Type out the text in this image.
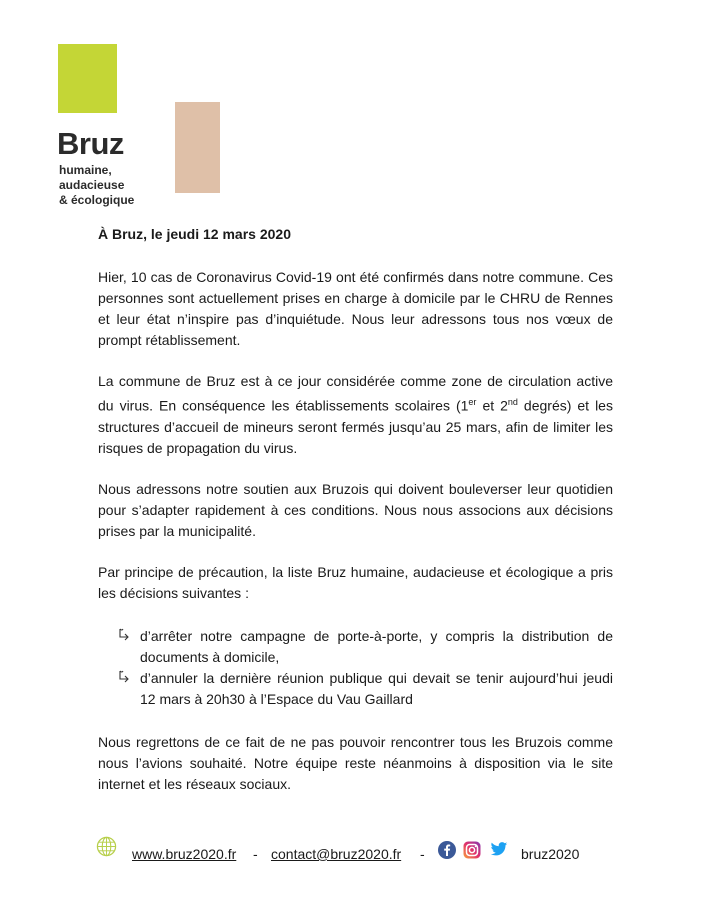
Bruz
humaine, audacieuse
& écologique

À Bruz, le jeudi 12 mars 2020

Hier, 10 cas de Coronavirus Covid-19 ont été confirmés dans notre commune. Ces personnes sont actuellement prises en charge à domicile par le CHRU de Rennes et leur état n’inspire pas d’inquiétude. Nous leur adressons tous nos vœux de prompt rétablissement.

La commune de Bruz est à ce jour considérée comme zone de circulation active du virus. En conséquence les établissements scolaires (1er et 2nd degrés) et les structures d’accueil de mineurs seront fermés jusqu’au 25 mars, afin de limiter les risques de propagation du virus.

Nous adressons notre soutien aux Bruzois qui doivent bouleverser leur quotidien pour s’adapter rapidement à ces conditions. Nous nous associons aux décisions prises par la municipalité.

Par principe de précaution, la liste Bruz humaine, audacieuse et écologique a pris les décisions suivantes :

d’arrêter notre campagne de porte-à-porte, y compris la distribution de documents à domicile,
d’annuler la dernière réunion publique qui devait se tenir aujourd’hui jeudi 12 mars à 20h30 à l’Espace du Vau Gaillard

Nous regrettons de ce fait de ne pas pouvoir rencontrer tous les Bruzois comme nous l’avions souhaité. Notre équipe reste néanmoins à disposition via le site internet et les réseaux sociaux.

www.bruz2020.fr - contact@bruz2020.fr -	bruz2020
